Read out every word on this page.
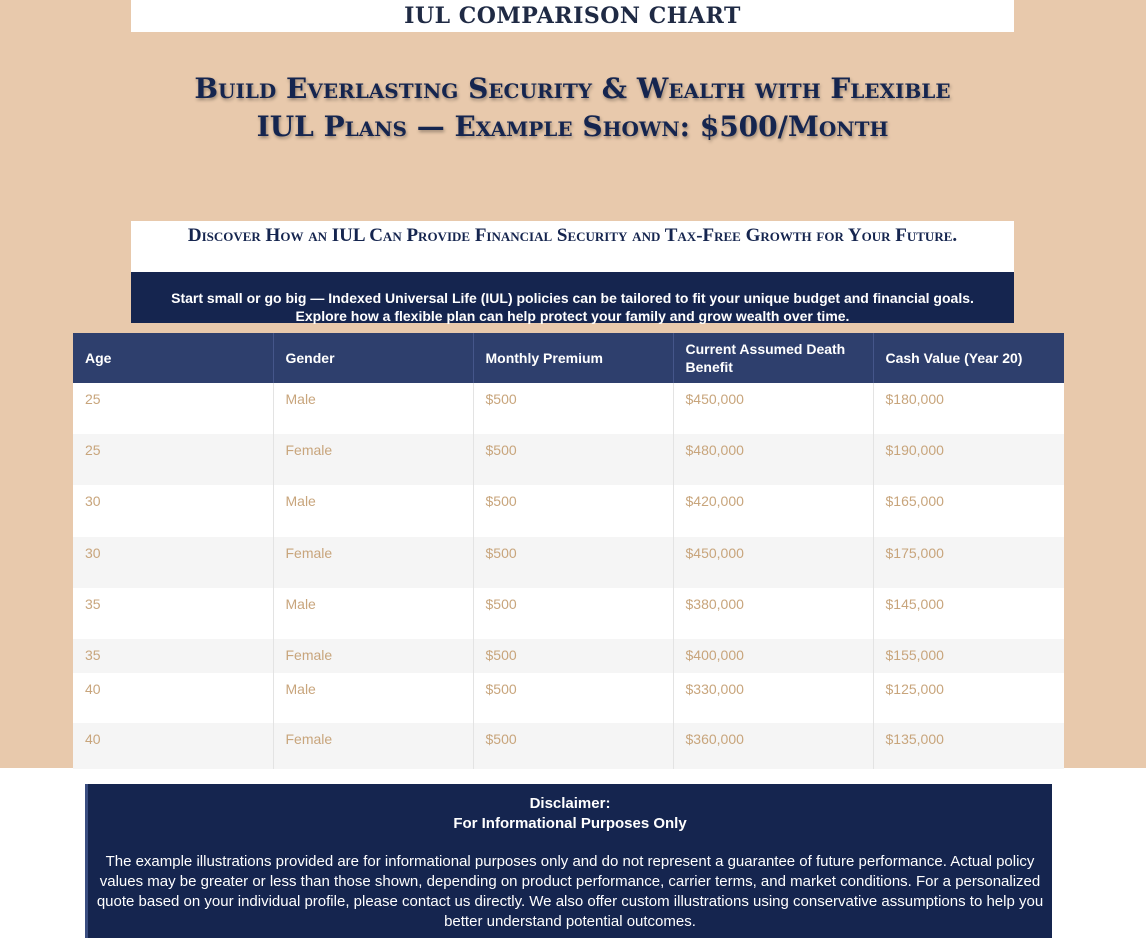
IUL COMPARISON CHART
Build Everlasting Security & Wealth with Flexible IUL Plans — Example Shown: $500/Month
Discover How an IUL Can Provide Financial Security and Tax-Free Growth for Your Future.
Start small or go big — Indexed Universal Life (IUL) policies can be tailored to fit your unique budget and financial goals.
Explore how a flexible plan can help protect your family and grow wealth over time.
Age	Gender	Monthly Premium	Current Assumed Death Benefit	Cash Value (Year 20)
25	Male	$500	$450,000	$180,000
25	Female	$500	$480,000	$190,000
30	Male	$500	$420,000	$165,000
30	Female	$500	$450,000	$175,000
35	Male	$500	$380,000	$145,000
35	Female	$500	$400,000	$155,000
40	Male	$500	$330,000	$125,000
40	Female	$500	$360,000	$135,000
Disclaimer:
For Informational Purposes Only
The example illustrations provided are for informational purposes only and do not represent a guarantee of future performance. Actual policy values may be greater or less than those shown, depending on product performance, carrier terms, and market conditions. For a personalized quote based on your individual profile, please contact us directly. We also offer custom illustrations using conservative assumptions to help you better understand potential outcomes.
